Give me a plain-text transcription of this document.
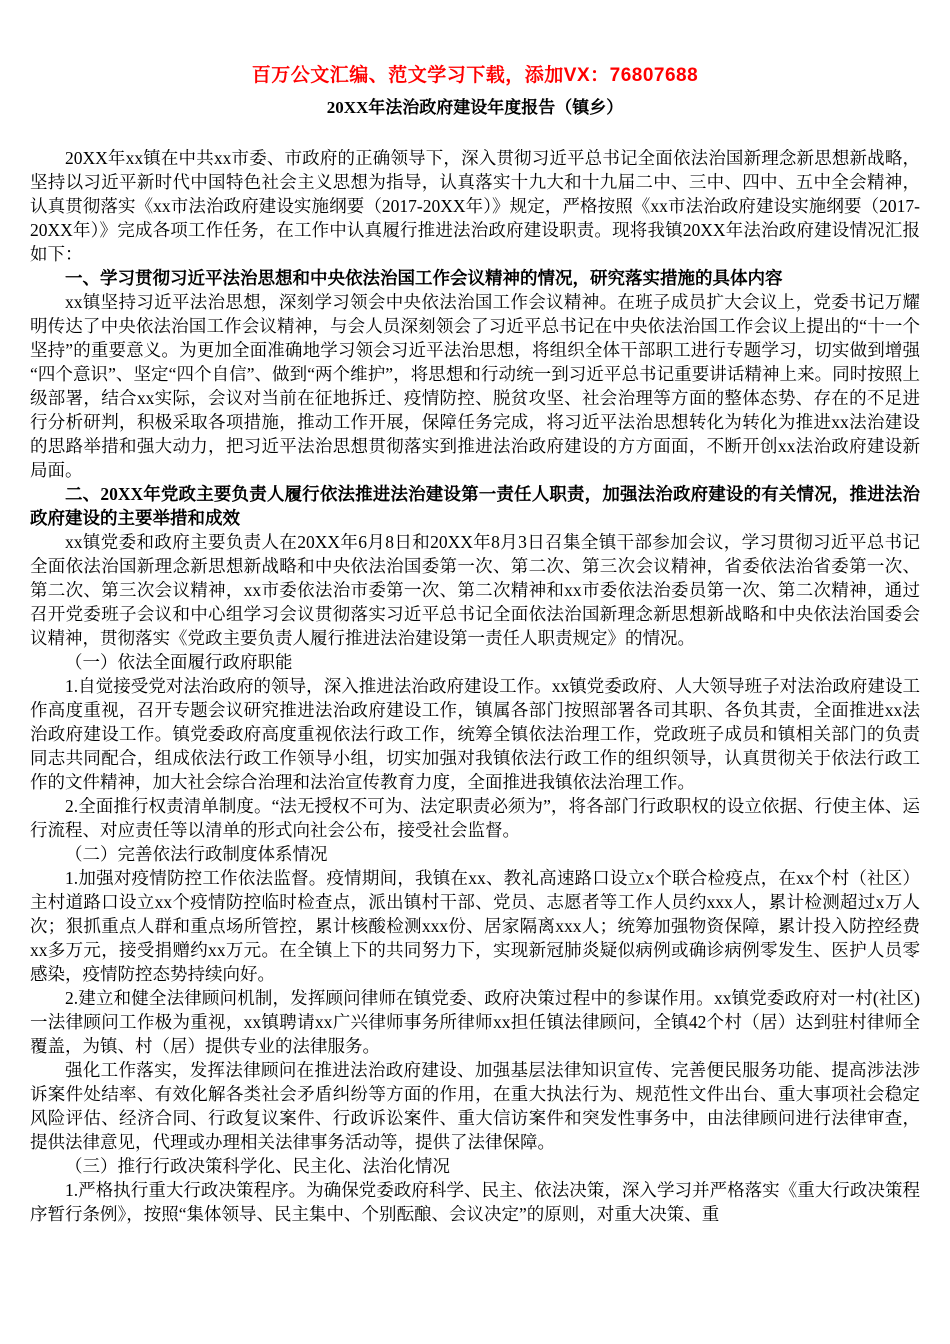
百万公文汇编、范文学习下载，添加VX：76807688
20XX年法治政府建设年度报告（镇乡）

20XX年xx镇在中共xx市委、市政府的正确领导下，深入贯彻习近平总书记全面依法治国新理念新思想新战略，坚持以习近平新时代中国特色社会主义思想为指导，认真落实十九大和十九届二中、三中、四中、五中全会精神，认真贯彻落实《xx市法治政府建设实施纲要（2017-20XX年）》规定，严格按照《xx市法治政府建设实施纲要（2017-20XX年）》完成各项工作任务，在工作中认真履行推进法治政府建设职责。现将我镇20XX年法治政府建设情况汇报如下：

一、学习贯彻习近平法治思想和中央依法治国工作会议精神的情况，研究落实措施的具体内容

xx镇坚持习近平法治思想，深刻学习领会中央依法治国工作会议精神。在班子成员扩大会议上，党委书记万耀明传达了中央依法治国工作会议精神，与会人员深刻领会了习近平总书记在中央依法治国工作会议上提出的“十一个坚持”的重要意义。为更加全面准确地学习领会习近平法治思想，将组织全体干部职工进行专题学习，切实做到增强“四个意识”、坚定“四个自信”、做到“两个维护”，将思想和行动统一到习近平总书记重要讲话精神上来。同时按照上级部署，结合xx实际，会议对当前在征地拆迁、疫情防控、脱贫攻坚、社会治理等方面的整体态势、存在的不足进行分析研判，积极采取各项措施，推动工作开展，保障任务完成，将习近平法治思想转化为转化为推进xx法治建设的思路举措和强大动力，把习近平法治思想贯彻落实到推进法治政府建设的方方面面，不断开创xx法治政府建设新局面。

二、20XX年党政主要负责人履行依法推进法治建设第一责任人职责，加强法治政府建设的有关情况，推进法治政府建设的主要举措和成效

xx镇党委和政府主要负责人在20XX年6月8日和20XX年8月3日召集全镇干部参加会议，学习贯彻习近平总书记全面依法治国新理念新思想新战略和中央依法治国委第一次、第二次、第三次会议精神，省委依法治省委第一次、第二次、第三次会议精神，xx市委依法治市委第一次、第二次精神和xx市委依法治委员第一次、第二次精神，通过召开党委班子会议和中心组学习会议贯彻落实习近平总书记全面依法治国新理念新思想新战略和中央依法治国委会议精神，贯彻落实《党政主要负责人履行推进法治建设第一责任人职责规定》的情况。

（一）依法全面履行政府职能

1.自觉接受党对法治政府的领导，深入推进法治政府建设工作。xx镇党委政府、人大领导班子对法治政府建设工作高度重视，召开专题会议研究推进法治政府建设工作，镇属各部门按照部署各司其职、各负其责，全面推进xx法治政府建设工作。镇党委政府高度重视依法行政工作，统筹全镇依法治理工作，党政班子成员和镇相关部门的负责同志共同配合，组成依法行政工作领导小组，切实加强对我镇依法行政工作的组织领导，认真贯彻关于依法行政工作的文件精神，加大社会综合治理和法治宣传教育力度，全面推进我镇依法治理工作。

2.全面推行权责清单制度。“法无授权不可为、法定职责必须为”，将各部门行政职权的设立依据、行使主体、运行流程、对应责任等以清单的形式向社会公布，接受社会监督。

（二）完善依法行政制度体系情况

1.加强对疫情防控工作依法监督。疫情期间，我镇在xx、教礼高速路口设立x个联合检疫点，在xx个村（社区）主村道路口设立xx个疫情防控临时检查点，派出镇村干部、党员、志愿者等工作人员约xxx人，累计检测超过x万人次；狠抓重点人群和重点场所管控，累计核酸检测xxx份、居家隔离xxx人；统筹加强物资保障，累计投入防控经费xx多万元，接受捐赠约xx万元。在全镇上下的共同努力下，实现新冠肺炎疑似病例或确诊病例零发生、医护人员零感染，疫情防控态势持续向好。

2.建立和健全法律顾问机制，发挥顾问律师在镇党委、政府决策过程中的参谋作用。xx镇党委政府对一村(社区)一法律顾问工作极为重视，xx镇聘请xx广兴律师事务所律师xx担任镇法律顾问，全镇42个村（居）达到驻村律师全覆盖，为镇、村（居）提供专业的法律服务。

强化工作落实，发挥法律顾问在推进法治政府建设、加强基层法律知识宣传、完善便民服务功能、提高涉法涉诉案件处结率、有效化解各类社会矛盾纠纷等方面的作用，在重大执法行为、规范性文件出台、重大事项社会稳定风险评估、经济合同、行政复议案件、行政诉讼案件、重大信访案件和突发性事务中，由法律顾问进行法律审查，提供法律意见，代理或办理相关法律事务活动等，提供了法律保障。

（三）推行行政决策科学化、民主化、法治化情况

1.严格执行重大行政决策程序。为确保党委政府科学、民主、依法决策，深入学习并严格落实《重大行政决策程序暂行条例》，按照“集体领导、民主集中、个别酝酿、会议决定”的原则，对重大决策、重
